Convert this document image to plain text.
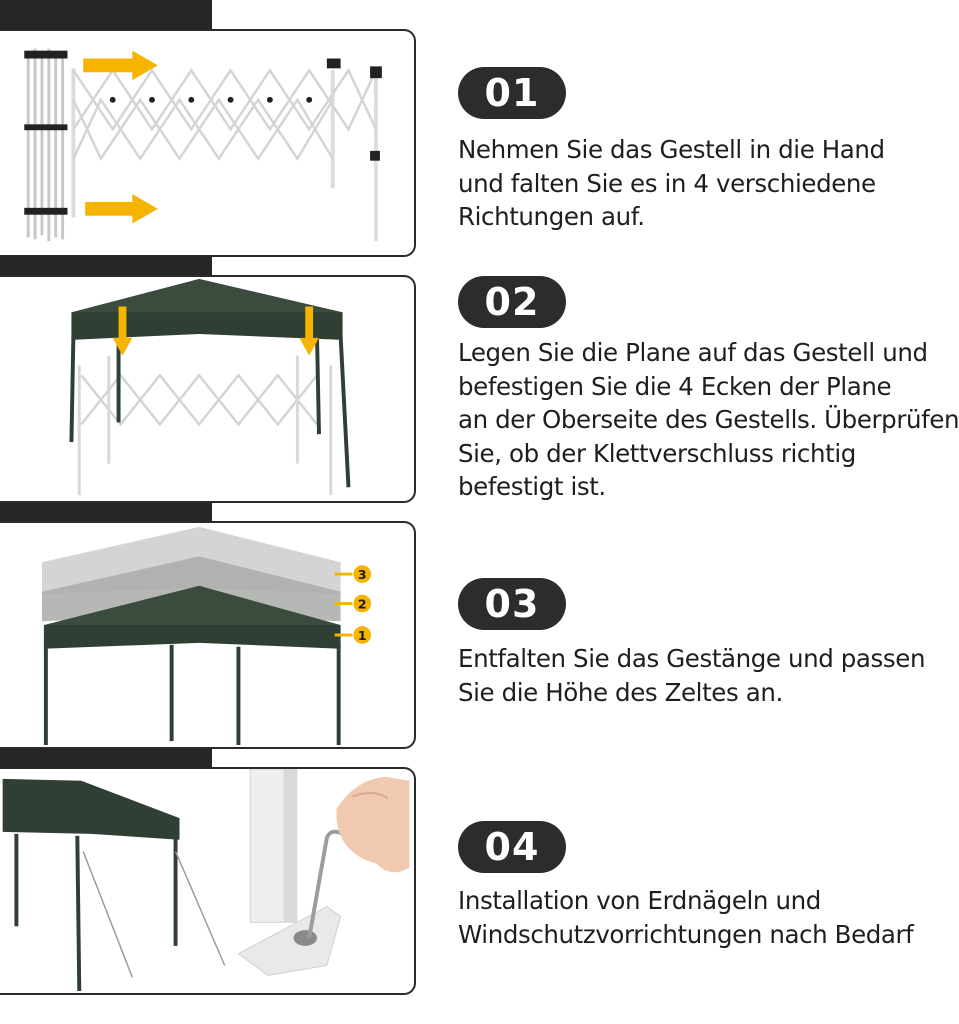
01
Nehmen Sie das Gestell in die Hand
und falten Sie es in 4 verschiedene
Richtungen auf.
02
Legen Sie die Plane auf das Gestell und
befestigen Sie die 4 Ecken der Plane
an der Oberseite des Gestells. Überprüfen
Sie, ob der Klettverschluss richtig
befestigt ist.
3
2
1
03
Entfalten Sie das Gestänge und passen
Sie die Höhe des Zeltes an.
04
Installation von Erdnägeln und
Windschutzvorrichtungen nach Bedarf
